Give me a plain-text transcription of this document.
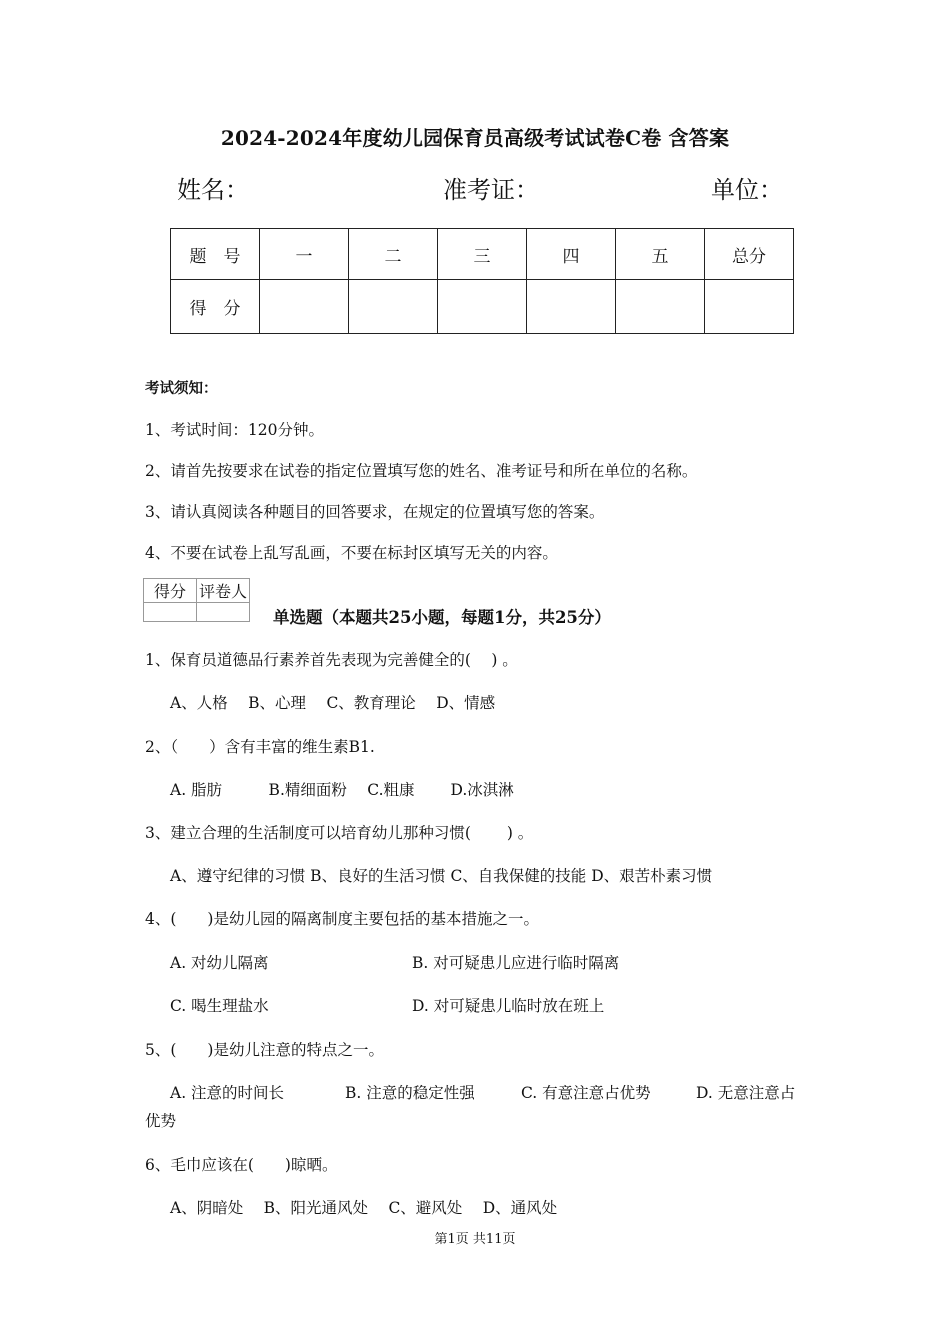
2024-2024年度幼儿园保育员高级考试试卷C卷 含答案
姓名：	准考证：	单位：
题　号	一	二	三	四	五	总分
得　分						
考试须知：
1、考试时间：120分钟。
2、请首先按要求在试卷的指定位置填写您的姓名、准考证号和所在单位的名称。
3、请认真阅读各种题目的回答要求，在规定的位置填写您的答案。
4、不要在试卷上乱写乱画，不要在标封区填写无关的内容。
得分	评卷人

单选题（本题共25小题，每题1分，共25分）
1、保育员道德品行素养首先表现为完善健全的(　 ) 。
A、人格　 B、心理　 C、教育理论　 D、情感
2、（　　）含有丰富的维生素B1.
A. 脂肪　　　B.精细面粉　 C.粗康　　 D.冰淇淋
3、建立合理的生活制度可以培育幼儿那种习惯(　　 ) 。
A、遵守纪律的习惯 B、良好的生活习惯 C、自我保健的技能 D、艰苦朴素习惯
4、(　　)是幼儿园的隔离制度主要包括的基本措施之一。
A. 对幼儿隔离	B. 对可疑患儿应进行临时隔离
C. 喝生理盐水	D. 对可疑患儿临时放在班上
5、(　　)是幼儿注意的特点之一。
A. 注意的时间长	B. 注意的稳定性强	C. 有意注意占优势	D. 无意注意占
优势
6、毛巾应该在(　　)晾晒。
A、阴暗处　 B、阳光通风处　 C、避风处　 D、通风处
第1页 共11页
